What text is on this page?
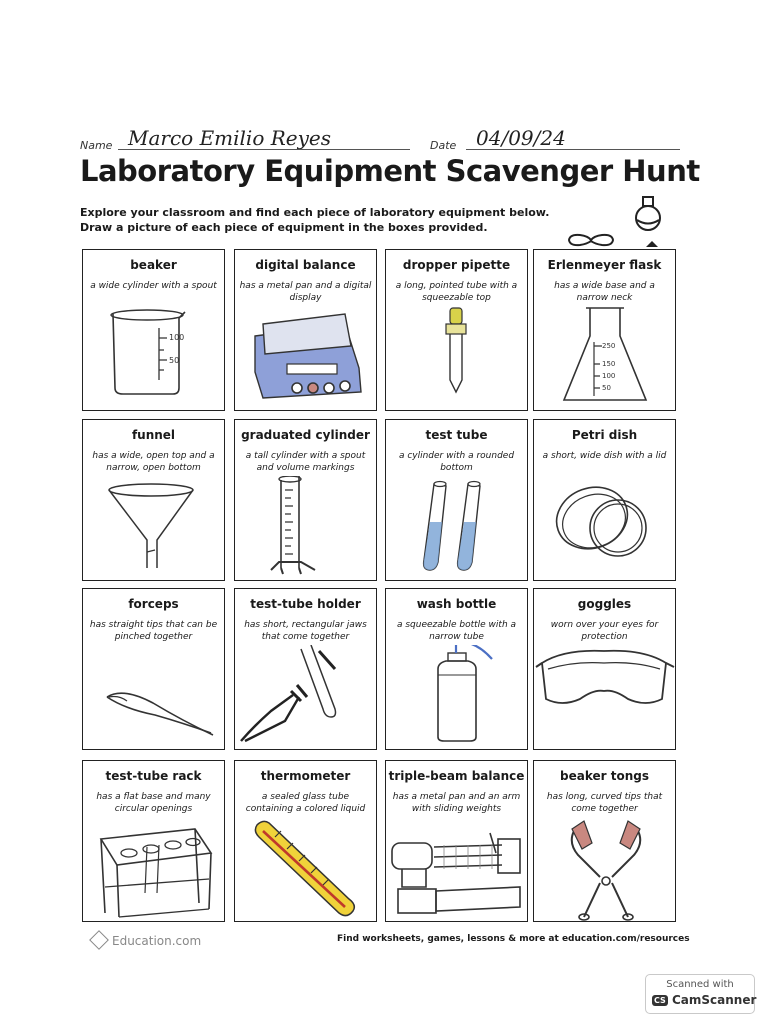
Name Marco Emilio Reyes	Date 04/09/24
Laboratory Equipment Scavenger Hunt
Explore your classroom and find each piece of laboratory equipment below.
Draw a picture of each piece of equipment in the boxes provided.
beaker
a wide cylinder with a spout
100
50
digital balance
has a metal pan and a digital display
dropper pipette
a long, pointed tube with a squeezable top
Erlenmeyer flask
has a wide base and a narrow neck
250
150
100
50
funnel
has a wide, open top and a narrow, open bottom
graduated cylinder
a tall cylinder with a spout and volume markings
test tube
a cylinder with a rounded bottom
Petri dish
a short, wide dish with a lid
forceps
has straight tips that can be pinched together
test-tube holder
has short, rectangular jaws that come together
wash bottle
a squeezable bottle with a narrow tube
goggles
worn over your eyes for protection
test-tube rack
has a flat base and many circular openings
thermometer
a sealed glass tube containing a colored liquid
triple-beam balance
has a metal pan and an arm with sliding weights
beaker tongs
has long, curved tips that come together
Education.com	Find worksheets, games, lessons & more at education.com/resources
Scanned with
CS CamScanner
